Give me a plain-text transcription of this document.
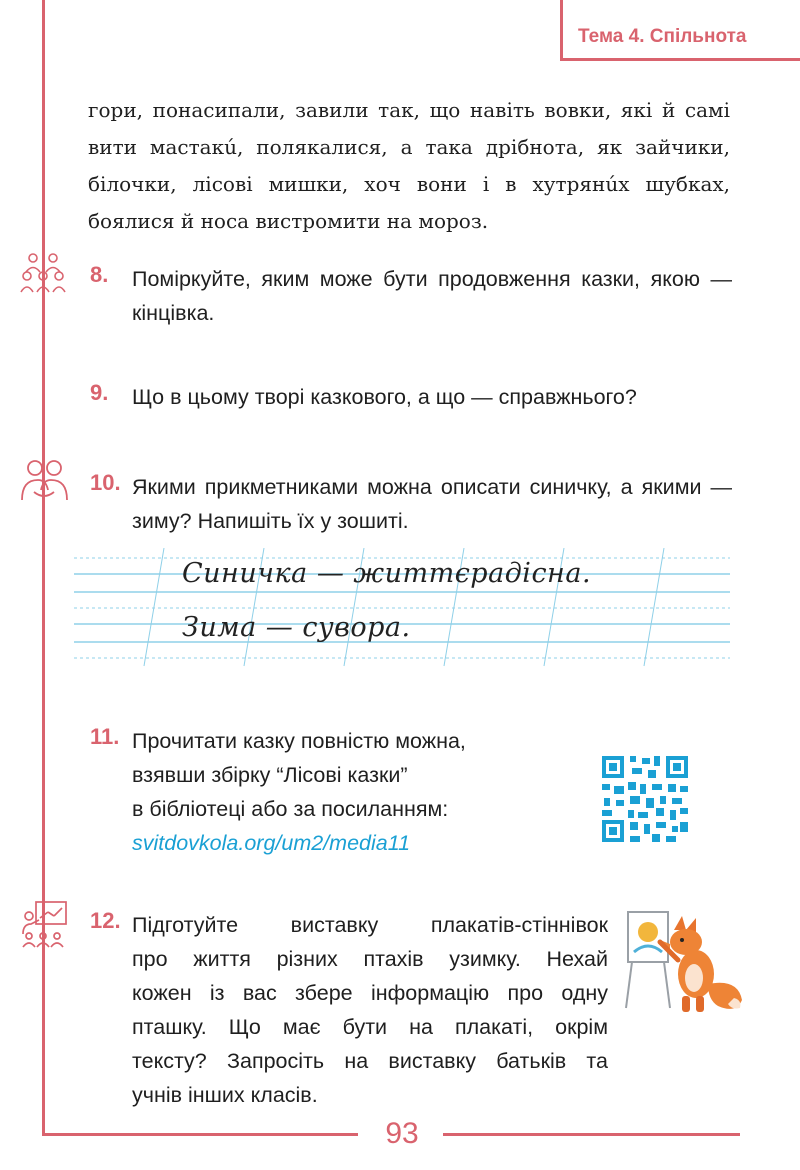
Тема 4. Спільнота

гори, понасипали, завили так, що навіть вовки, які й самі вити мастакú, полякалися, а така дрібнота, як зайчики, білочки, лісові мишки, хоч вони і в хутрянúх шубках, боялися й носа вистромити на мороз.

8. Поміркуйте, яким може бути продовження казки, якою — кінцівка.

9. Що в цьому творі казкового, а що — справжнього?
10. Якими прикметниками можна описати синичку, а якими — зиму? Напишіть їх у зошиті.

Синичка — життєрадісна.
Зима — сувора.
11. Прочитати казку повністю можна,

взявши збірку “Лісові казки”

в бібліотеці або за посиланням:

svitdovkola.org/um2/media11

12. Підготуйте виставку плакатів-стіннівок

про життя різних птахів узимку. Нехай

кожен із вас збере інформацію про одну

пташку. Що має бути на плакаті, окрім

тексту? Запросіть на виставку батьків та

учнів інших класів.

93
